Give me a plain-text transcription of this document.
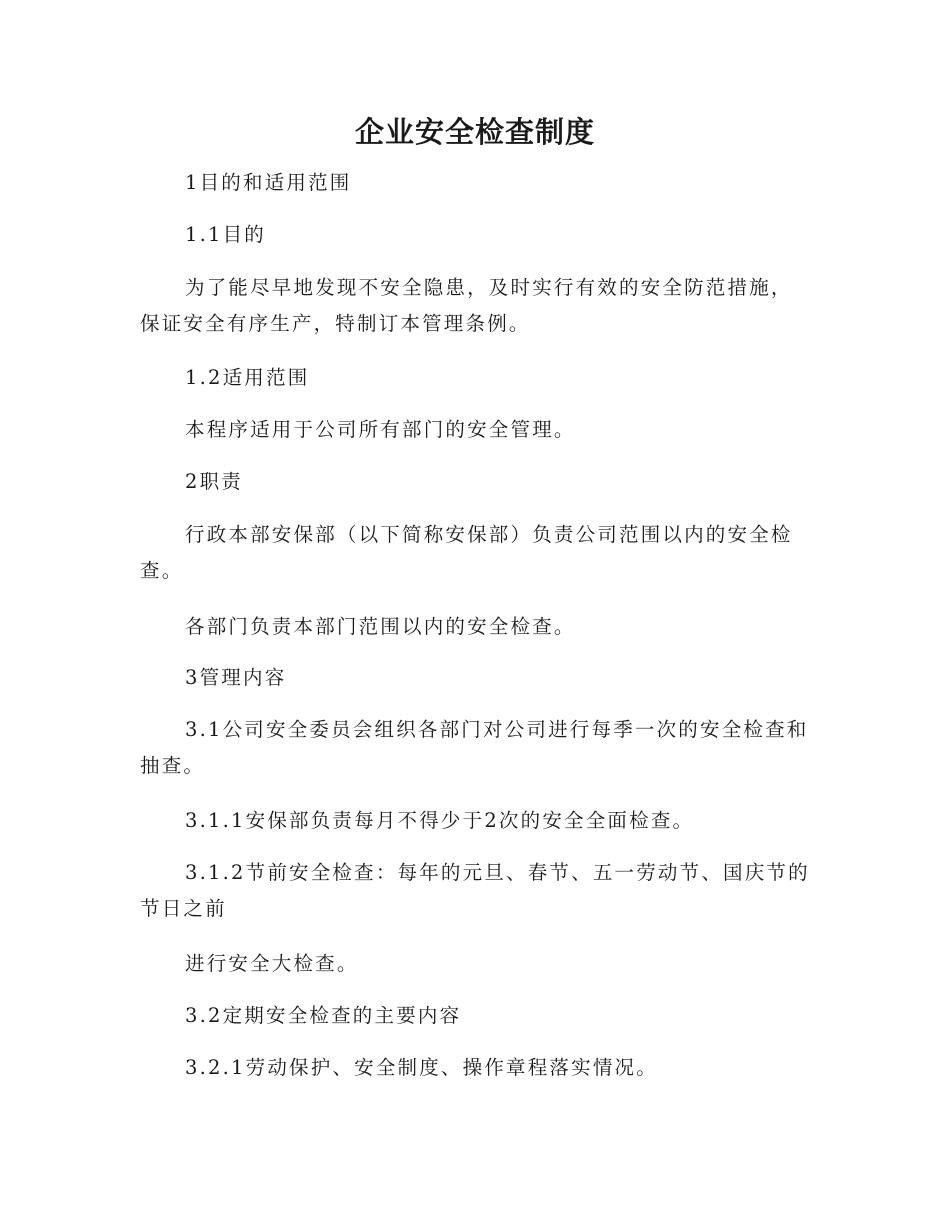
企业安全检查制度
1目的和适用范围
1.1目的
为了能尽早地发现不安全隐患，及时实行有效的安全防范措施，
保证安全有序生产，特制订本管理条例。
1.2适用范围
本程序适用于公司所有部门的安全管理。
2职责
行政本部安保部（以下简称安保部）负责公司范围以内的安全检
查。
各部门负责本部门范围以内的安全检查。
3管理内容
3.1公司安全委员会组织各部门对公司进行每季一次的安全检查和
抽查。
3.1.1安保部负责每月不得少于2次的安全全面检查。
3.1.2节前安全检查：每年的元旦、春节、五一劳动节、国庆节的
节日之前
进行安全大检查。
3.2定期安全检查的主要内容
3.2.1劳动保护、安全制度、操作章程落实情况。
